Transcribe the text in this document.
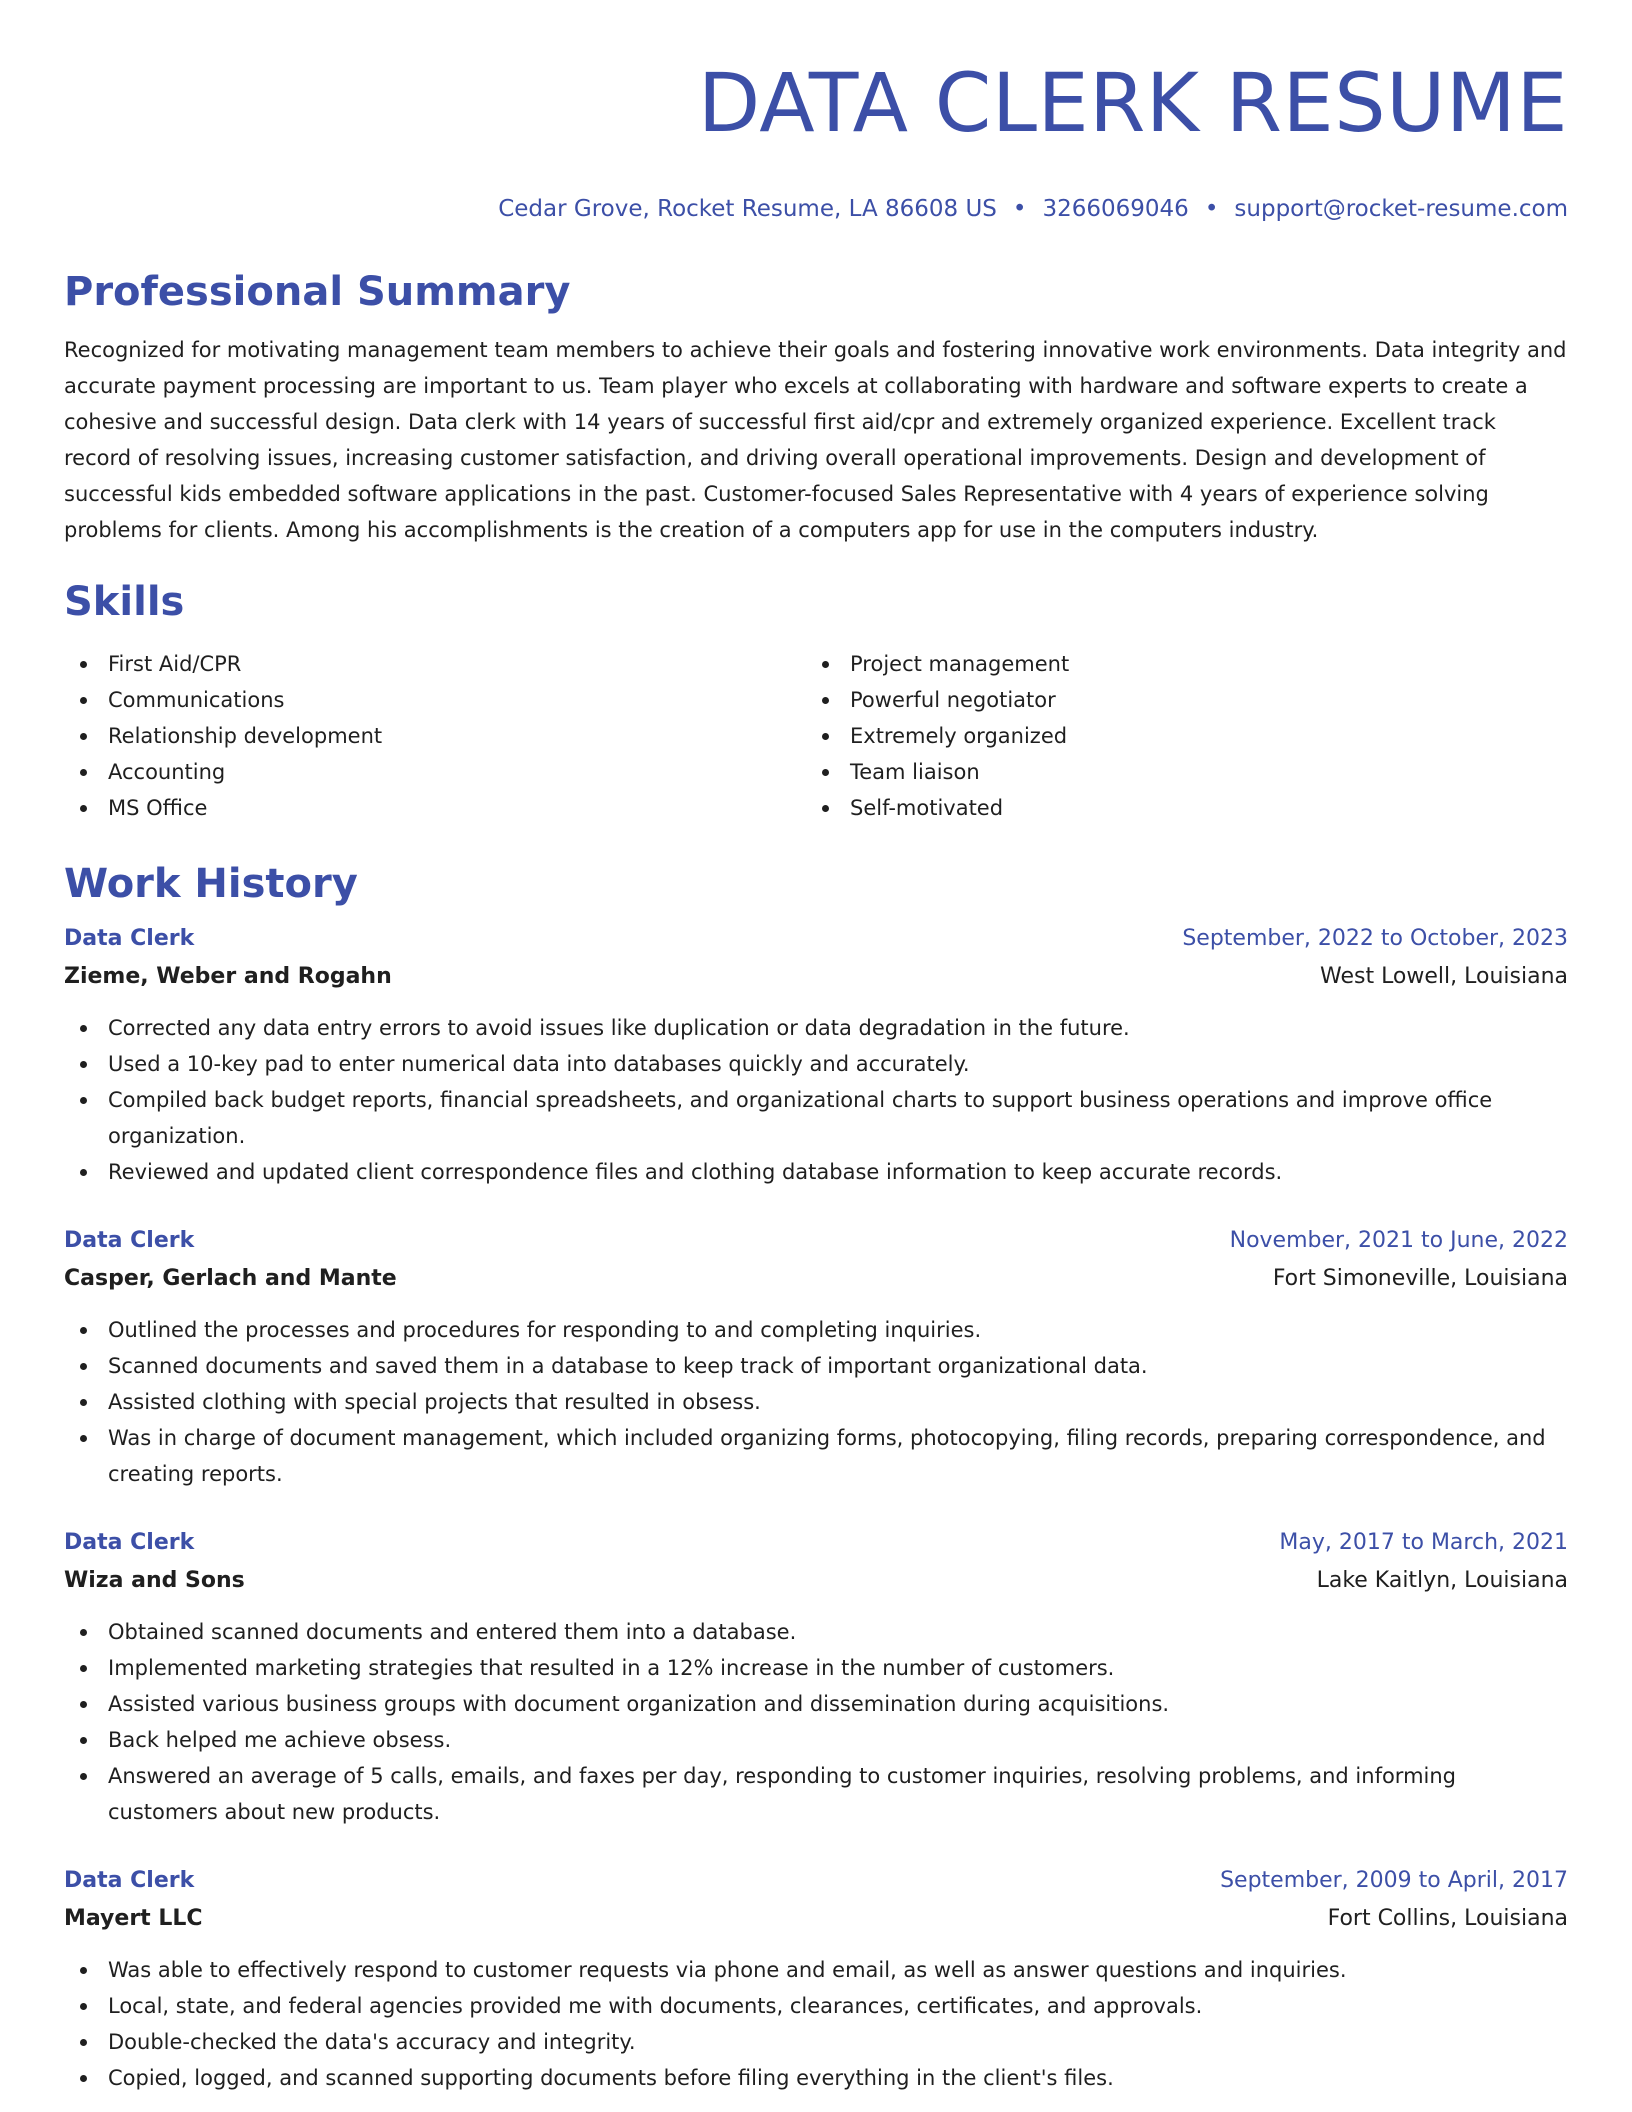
DATA CLERK RESUME
Cedar Grove, Rocket Resume, LA 86608 US • 3266069046 • support@rocket-resume.com
Professional Summary

Recognized for motivating management team members to achieve their goals and fostering innovative work environments. Data integrity and accurate payment processing are important to us. Team player who excels at collaborating with hardware and software experts to create a cohesive and successful design. Data clerk with 14 years of successful first aid/cpr and extremely organized experience. Excellent track record of resolving issues, increasing customer satisfaction, and driving overall operational improvements. Design and development of successful kids embedded software applications in the past. Customer-focused Sales Representative with 4 years of experience solving problems for clients. Among his accomplishments is the creation of a computers app for use in the computers industry.

Skills
First Aid/CPR
Communications
Relationship development
Accounting
MS Office
Project management
Powerful negotiator
Extremely organized
Team liaison
Self-motivated
Work History
Data Clerk	September, 2022 to October, 2023
Zieme, Weber and Rogahn	West Lowell, Louisiana
Corrected any data entry errors to avoid issues like duplication or data degradation in the future.
Used a 10-key pad to enter numerical data into databases quickly and accurately.
Compiled back budget reports, financial spreadsheets, and organizational charts to support business operations and improve office organization.
Reviewed and updated client correspondence files and clothing database information to keep accurate records.
Data Clerk	November, 2021 to June, 2022
Casper, Gerlach and Mante	Fort Simoneville, Louisiana
Outlined the processes and procedures for responding to and completing inquiries.
Scanned documents and saved them in a database to keep track of important organizational data.
Assisted clothing with special projects that resulted in obsess.
Was in charge of document management, which included organizing forms, photocopying, filing records, preparing correspondence, and creating reports.
Data Clerk	May, 2017 to March, 2021
Wiza and Sons	Lake Kaitlyn, Louisiana
Obtained scanned documents and entered them into a database.
Implemented marketing strategies that resulted in a 12% increase in the number of customers.
Assisted various business groups with document organization and dissemination during acquisitions.
Back helped me achieve obsess.
Answered an average of 5 calls, emails, and faxes per day, responding to customer inquiries, resolving problems, and informing customers about new products.
Data Clerk	September, 2009 to April, 2017
Mayert LLC	Fort Collins, Louisiana
Was able to effectively respond to customer requests via phone and email, as well as answer questions and inquiries.
Local, state, and federal agencies provided me with documents, clearances, certificates, and approvals.
Double-checked the data's accuracy and integrity.
Copied, logged, and scanned supporting documents before filing everything in the client's files.
